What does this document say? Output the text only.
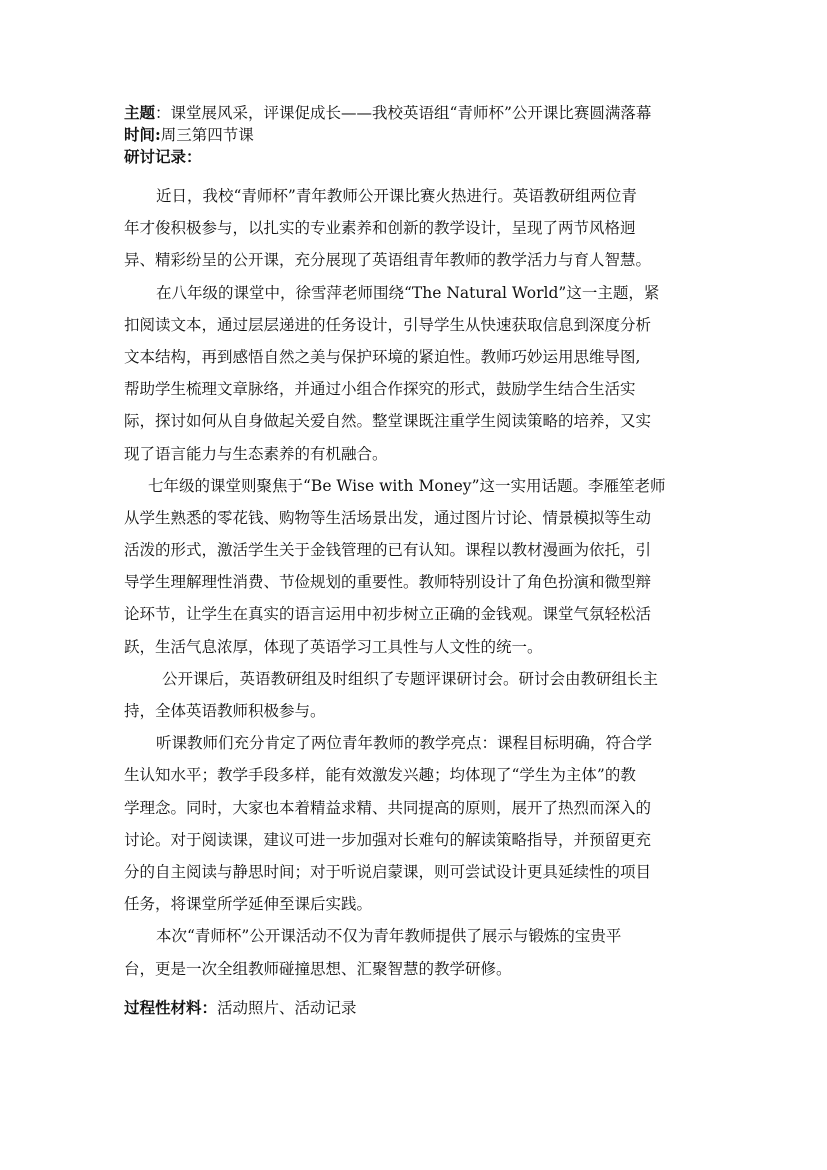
主题：课堂展风采，评课促成长——我校英语组“青师杯”公开课比赛圆满落幕
时间:周三第四节课
研讨记录：
近日，我校“青师杯”青年教师公开课比赛火热进行。英语教研组两位青
年才俊积极参与，以扎实的专业素养和创新的教学设计，呈现了两节风格迥
异、精彩纷呈的公开课，充分展现了英语组青年教师的教学活力与育人智慧。
在八年级的课堂中，徐雪萍老师围绕“The Natural World”这一主题，紧
扣阅读文本，通过层层递进的任务设计，引导学生从快速获取信息到深度分析
文本结构，再到感悟自然之美与保护环境的紧迫性。教师巧妙运用思维导图,
帮助学生梳理文章脉络，并通过小组合作探究的形式，鼓励学生结合生活实
际，探讨如何从自身做起关爱自然。整堂课既注重学生阅读策略的培养，又实
现了语言能力与生态素养的有机融合。
七年级的课堂则聚焦于“Be Wise with Money”这一实用话题。李雁笙老师
从学生熟悉的零花钱、购物等生活场景出发，通过图片讨论、情景模拟等生动
活泼的形式，激活学生关于金钱管理的已有认知。课程以教材漫画为依托，引
导学生理解理性消费、节俭规划的重要性。教师特别设计了角色扮演和微型辩
论环节，让学生在真实的语言运用中初步树立正确的金钱观。课堂气氛轻松活
跃，生活气息浓厚，体现了英语学习工具性与人文性的统一。
公开课后，英语教研组及时组织了专题评课研讨会。研讨会由教研组长主
持，全体英语教师积极参与。
听课教师们充分肯定了两位青年教师的教学亮点：课程目标明确，符合学
生认知水平；教学手段多样，能有效激发兴趣；均体现了“学生为主体”的教
学理念。同时，大家也本着精益求精、共同提高的原则，展开了热烈而深入的
讨论。对于阅读课，建议可进一步加强对长难句的解读策略指导，并预留更充
分的自主阅读与静思时间；对于听说启蒙课，则可尝试设计更具延续性的项目
任务，将课堂所学延伸至课后实践。
本次“青师杯”公开课活动不仅为青年教师提供了展示与锻炼的宝贵平
台，更是一次全组教师碰撞思想、汇聚智慧的教学研修。
过程性材料：活动照片、活动记录
